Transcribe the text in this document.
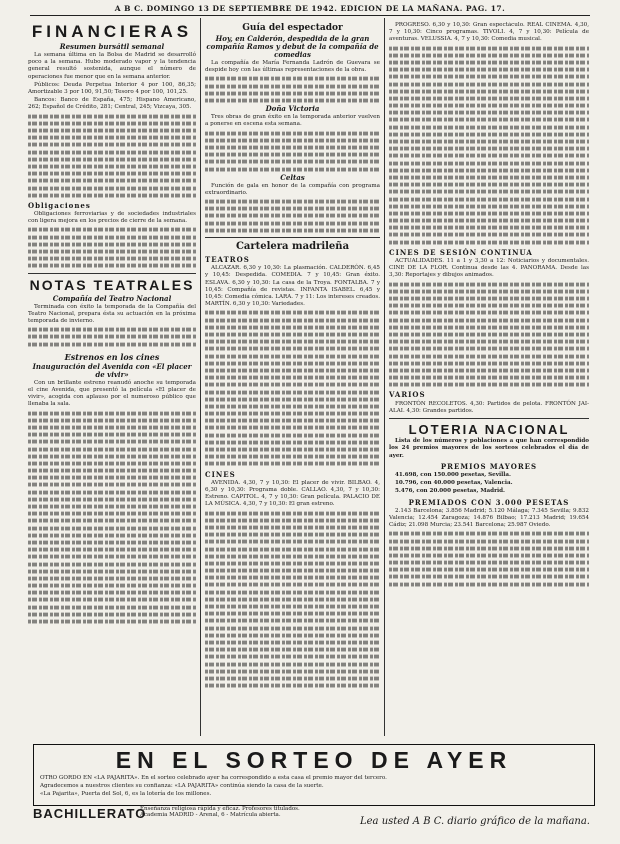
A B C. DOMINGO 13 DE SEPTIEMBRE DE 1942. EDICION DE LA MAÑANA. PAG. 17.
FINANCIERAS
Resumen bursátil semanal

La semana última en la Bolsa de Madrid se desarrolló poco a la semana. Hubo moderado vapor y la tendencia general resultó sostenida, aunque el número de operaciones fue menor que en la semana anterior.

Públicos: Deuda Perpetua Interior 4 por 100, 86,35; Amortizable 3 por 100, 91,50; Tesoro 4 por 100, 101,25.

Bancos: Banco de España, 475; Hispano Americano, 262; Español de Crédito, 281; Central, 245; Vizcaya, 305.

Obligaciones

Obligaciones ferroviarias y de sociedades industriales con ligera mejora en los precios de cierre de la semana.

NOTAS TEATRALES
Compañía del Teatro Nacional

Terminada con éxito la temporada de la Compañía del Teatro Nacional, prepara ésta su actuación en la próxima temporada de invierno.

Estrenos en los cines
Inauguración del Avenida con «El placer de vivir»

Con un brillante estreno reanudó anoche su temporada el cine Avenida, que presentó la película «El placer de vivir», acogida con aplauso por el numeroso público que llenaba la sala.

Guía del espectador
Hoy, en Calderón, despedida de la gran compañía Ramos y debut de la compañía de comedias

La compañía de María Fernanda Ladrón de Guevara se despide hoy con las últimas representaciones de la obra.

Doña Victoria

Tres obras de gran éxito en la temporada anterior vuelven a ponerse en escena esta semana.

Celtas

Función de gala en honor de la compañía con programa extraordinario.

Cartelera madrileña
TEATROS

ALCAZAR. 6,30 y 10,30: La plasmación. CALDERÓN. 6,45 y 10,45: Despedida. COMEDIA. 7 y 10,45: Gran éxito. ESLAVA. 6,30 y 10,30: La casa de la Troya. FONTALBA. 7 y 10,45: Compañía de revistas. INFANTA ISABEL. 6,45 y 10,45: Comedia cómica. LARA. 7 y 11: Los intereses creados. MARTÍN. 6,30 y 10,30: Variedades.

CINES

AVENIDA. 4,30, 7 y 10,30: El placer de vivir. BILBAO. 4, 6,30 y 10,30: Programa doble. CALLAO. 4,30, 7 y 10,30: Estreno. CAPITOL. 4, 7 y 10,30: Gran película. PALACIO DE LA MÚSICA. 4,30, 7 y 10,30: El gran estreno.

PROGRESO. 6,30 y 10,30: Gran espectáculo. REAL CINEMA. 4,30, 7 y 10,30: Cinco programas. TIVOLI. 4, 7 y 10,30: Película de aventuras. VELUSSIA. 4, 7 y 10,30: Comedia musical.

CINES DE SESIÓN CONTINUA

ACTUALIDADES. 11 a 1 y 3,30 a 12: Noticiarios y documentales. CINE DE LA FLOR. Continua desde las 4. PANORAMA. Desde las 3,30: Reportajes y dibujos animados.

VARIOS

FRONTÓN RECOLETOS. 4,30: Partidos de pelota. FRONTÓN JAI-ALAI. 4,30: Grandes partidos.

LOTERIA NACIONAL

Lista de los números y poblaciones a que han correspondido los 24 premios mayores de los sorteos celebrados el día de ayer.

PREMIOS MAYORES

41.698, con 150.000 pesetas, Sevilla.

10.796, con 40.000 pesetas, Valencia.

5.476, con 20.000 pesetas, Madrid.

PREMIADOS CON 3.000 PESETAS

2.143 Barcelona; 3.856 Madrid; 5.120 Málaga; 7.345 Sevilla; 9.832 Valencia; 12.454 Zaragoza; 14.876 Bilbao; 17.213 Madrid; 19.654 Cádiz; 21.098 Murcia; 23.541 Barcelona; 25.987 Oviedo.

EN EL SORTEO DE AYER
OTRO GORDO EN «LA PAJARITA». En el sorteo celebrado ayer ha correspondido a esta casa el premio mayor del tercero.
Agradecemos a nuestros clientes su confianza: «LA PAJARITA» continúa siendo la casa de la suerte.
«La Pajarita», Puerta del Sol, 6, es la lotería de los millones.
BACHILLERATO
Enseñanza religiosa rápida y eficaz. Profesores titulados. Academia MADRID - Arenal, 6 - Matrícula abierta.
Lea usted A B C. diario gráfico de la mañana.
